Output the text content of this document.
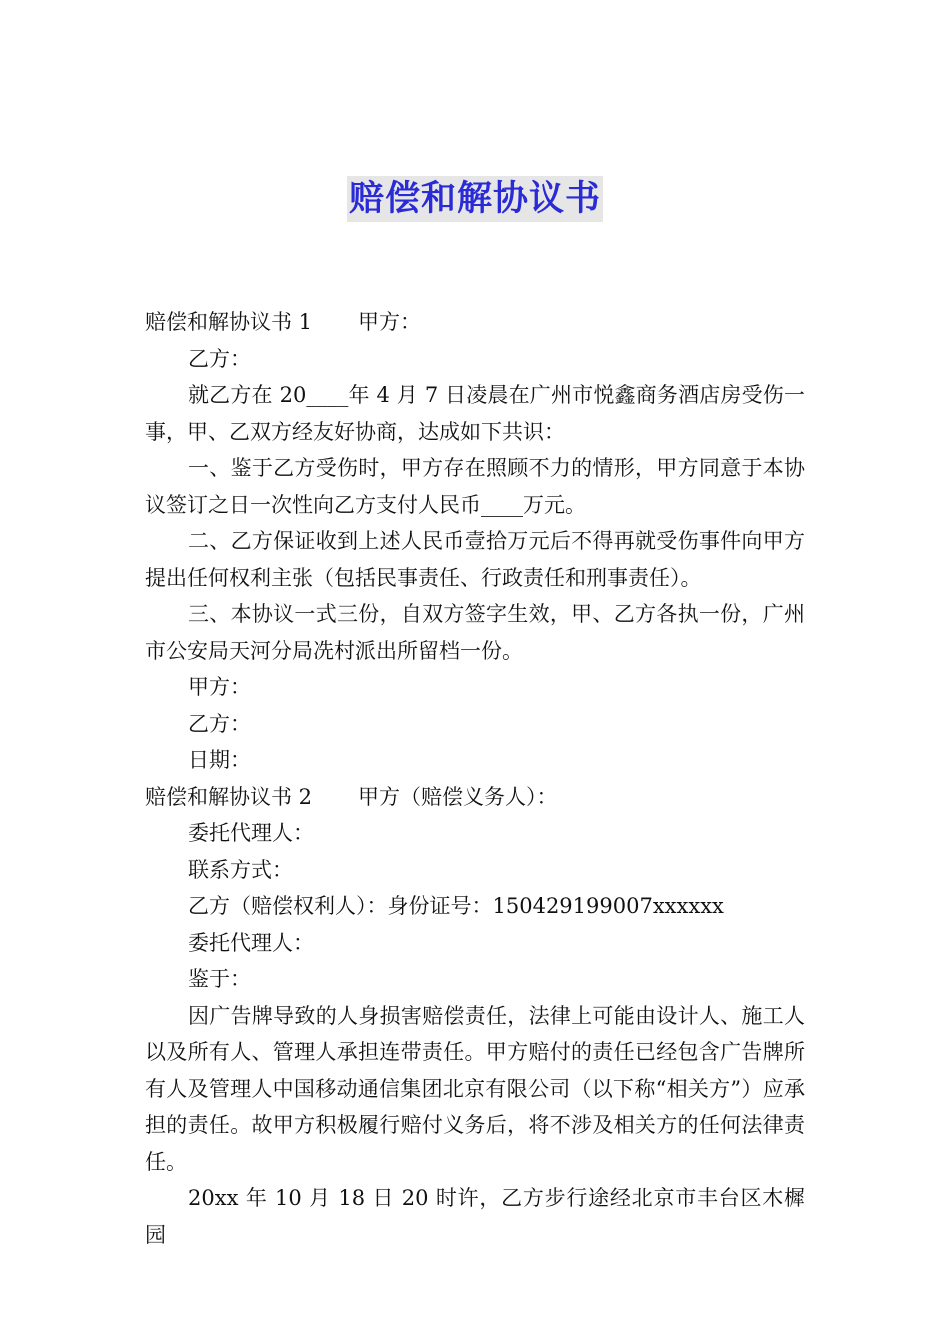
赔偿和解协议书

赔偿和解协议书 1 甲方：

乙方：

就乙方在 20____年 4 月 7 日凌晨在广州市悦鑫商务酒店房受伤一事，甲、乙双方经友好协商，达成如下共识：

一、鉴于乙方受伤时，甲方存在照顾不力的情形，甲方同意于本协议签订之日一次性向乙方支付人民币____万元。

二、乙方保证收到上述人民币壹拾万元后不得再就受伤事件向甲方提出任何权利主张（包括民事责任、行政责任和刑事责任）。

三、本协议一式三份，自双方签字生效，甲、乙方各执一份，广州市公安局天河分局冼村派出所留档一份。

甲方：

乙方：

日期：

赔偿和解协议书 2 甲方（赔偿义务人）：

委托代理人：

联系方式：

乙方（赔偿权利人）：身份证号：150429199007xxxxxx

委托代理人：

鉴于：

因广告牌导致的人身损害赔偿责任，法律上可能由设计人、施工人以及所有人、管理人承担连带责任。甲方赔付的责任已经包含广告牌所有人及管理人中国移动通信集团北京有限公司（以下称“相关方”）应承担的责任。故甲方积极履行赔付义务后，将不涉及相关方的任何法律责任。

20xx 年 10 月 18 日 20 时许，乙方步行途经北京市丰台区木樨园
